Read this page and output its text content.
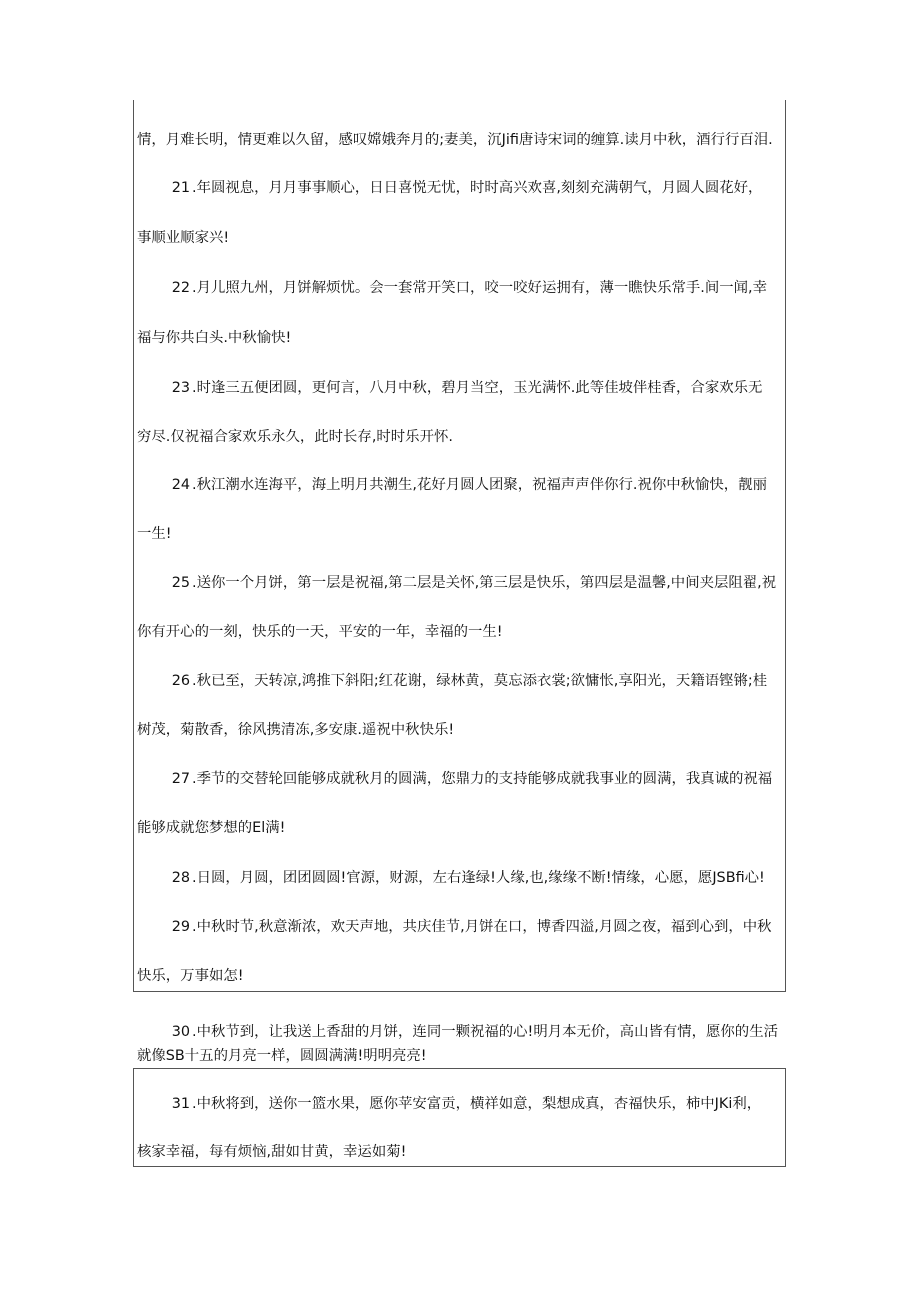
情，月难长明，情更难以久留，感叹嫦娥奔月的;妻美，沉Jifi唐诗宋词的缠算.读月中秋，酒行行百泪.

21 .年圆视息，月月事事顺心，日日喜悦无忧，时时高兴欢喜,刻刻充满朝气，月圆人圆花好，

事顺业顺家兴!

22 .月儿照九州，月饼解烦忧。会一套常开笑口，咬一咬好运拥有，薄一瞧快乐常手.间一闻,幸

福与你共白头.中秋愉快!

23 .时逢三五便团圆，更何言，八月中秋，碧月当空，玉光满怀.此等佳坡伴桂香，合家欢乐无

穷尽.仅祝福合家欢乐永久，此时长存,时时乐开怀.

24 .秋江潮水连海平，海上明月共潮生,花好月圆人团聚，祝福声声伴你行.祝你中秋愉快，靓丽

一生!

25 .送你一个月饼，第一层是祝福,第二层是关怀,第三层是快乐，第四层是温馨,中间夹层阻翟,祝

你有开心的一刻，快乐的一天，平安的一年，幸福的一生!

26 .秋已至，天转凉,鸿推下斜阳;红花谢，绿林黄，莫忘添衣裳;欲慵怅,享阳光，天籍语铿锵;桂

树茂，菊散香，徐风携清冻,多安康.遥祝中秋快乐!

27 .季节的交替轮回能够成就秋月的圆满，您鼎力的支持能够成就我事业的圆满，我真诚的祝福

能够成就您梦想的El满!

28 .日圆，月圆，团团圆圆!官源，财源，左右逢绿!人缘,也,缘缘不断!情缘，心愿，愿JSBfi心!

29 .中秋时节,秋意渐浓，欢天声地，共庆佳节,月饼在口，博香四溢,月圆之夜，福到心到，中秋

快乐，万事如怎!

30 .中秋节到，让我送上香甜的月饼，连同一颗祝福的心!明月本无价，高山皆有情，愿你的生活

就像SB十五的月亮一样，圆圆满满!明明亮亮!

31 .中秋将到，送你一篮水果，愿你苹安富贡，横祥如意，梨想成真，杏福快乐，柿中JKi利，

核家幸福，每有烦恼,甜如甘黄，幸运如菊!
